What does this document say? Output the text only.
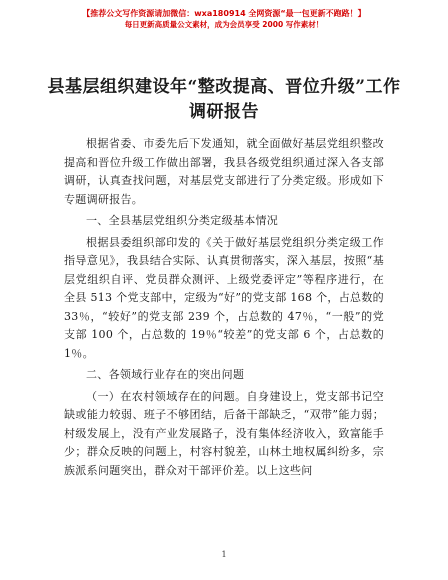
【推荐公文写作资源请加微信：wxa180914 全网资源“最一包更新不跑路！】
每日更新高质量公文素材，成为会员享受 2000 写作素材！
县基层组织建设年“整改提高、晋位升级”工作调研报告

根据省委、市委先后下发通知，就全面做好基层党组织整改提高和晋位升级工作做出部署，我县各级党组织通过深入各支部调研，认真查找问题，对基层党支部进行了分类定级。形成如下专题调研报告。

一、全县基层党组织分类定级基本情况

根据县委组织部印发的《关于做好基层党组织分类定级工作指导意见》，我县结合实际、认真贯彻落实，深入基层，按照“基层党组织自评、党员群众测评、上级党委评定”等程序进行，在全县 513 个党支部中，定级为“好”的党支部 168 个，占总数的 33％，“较好”的党支部 239 个，占总数的 47％，“一般”的党支部 100 个，占总数的 19％“较差”的党支部 6 个，占总数的 1％。

二、各领域行业存在的突出问题

（一）在农村领域存在的问题。自身建设上，党支部书记空缺或能力较弱、班子不够团结，后备干部缺乏，“双带”能力弱；村级发展上，没有产业发展路子，没有集体经济收入，致富能手少；群众反映的问题上，村容村貌差，山林土地权属纠纷多，宗族派系问题突出，群众对干部评价差。以上这些问

1
